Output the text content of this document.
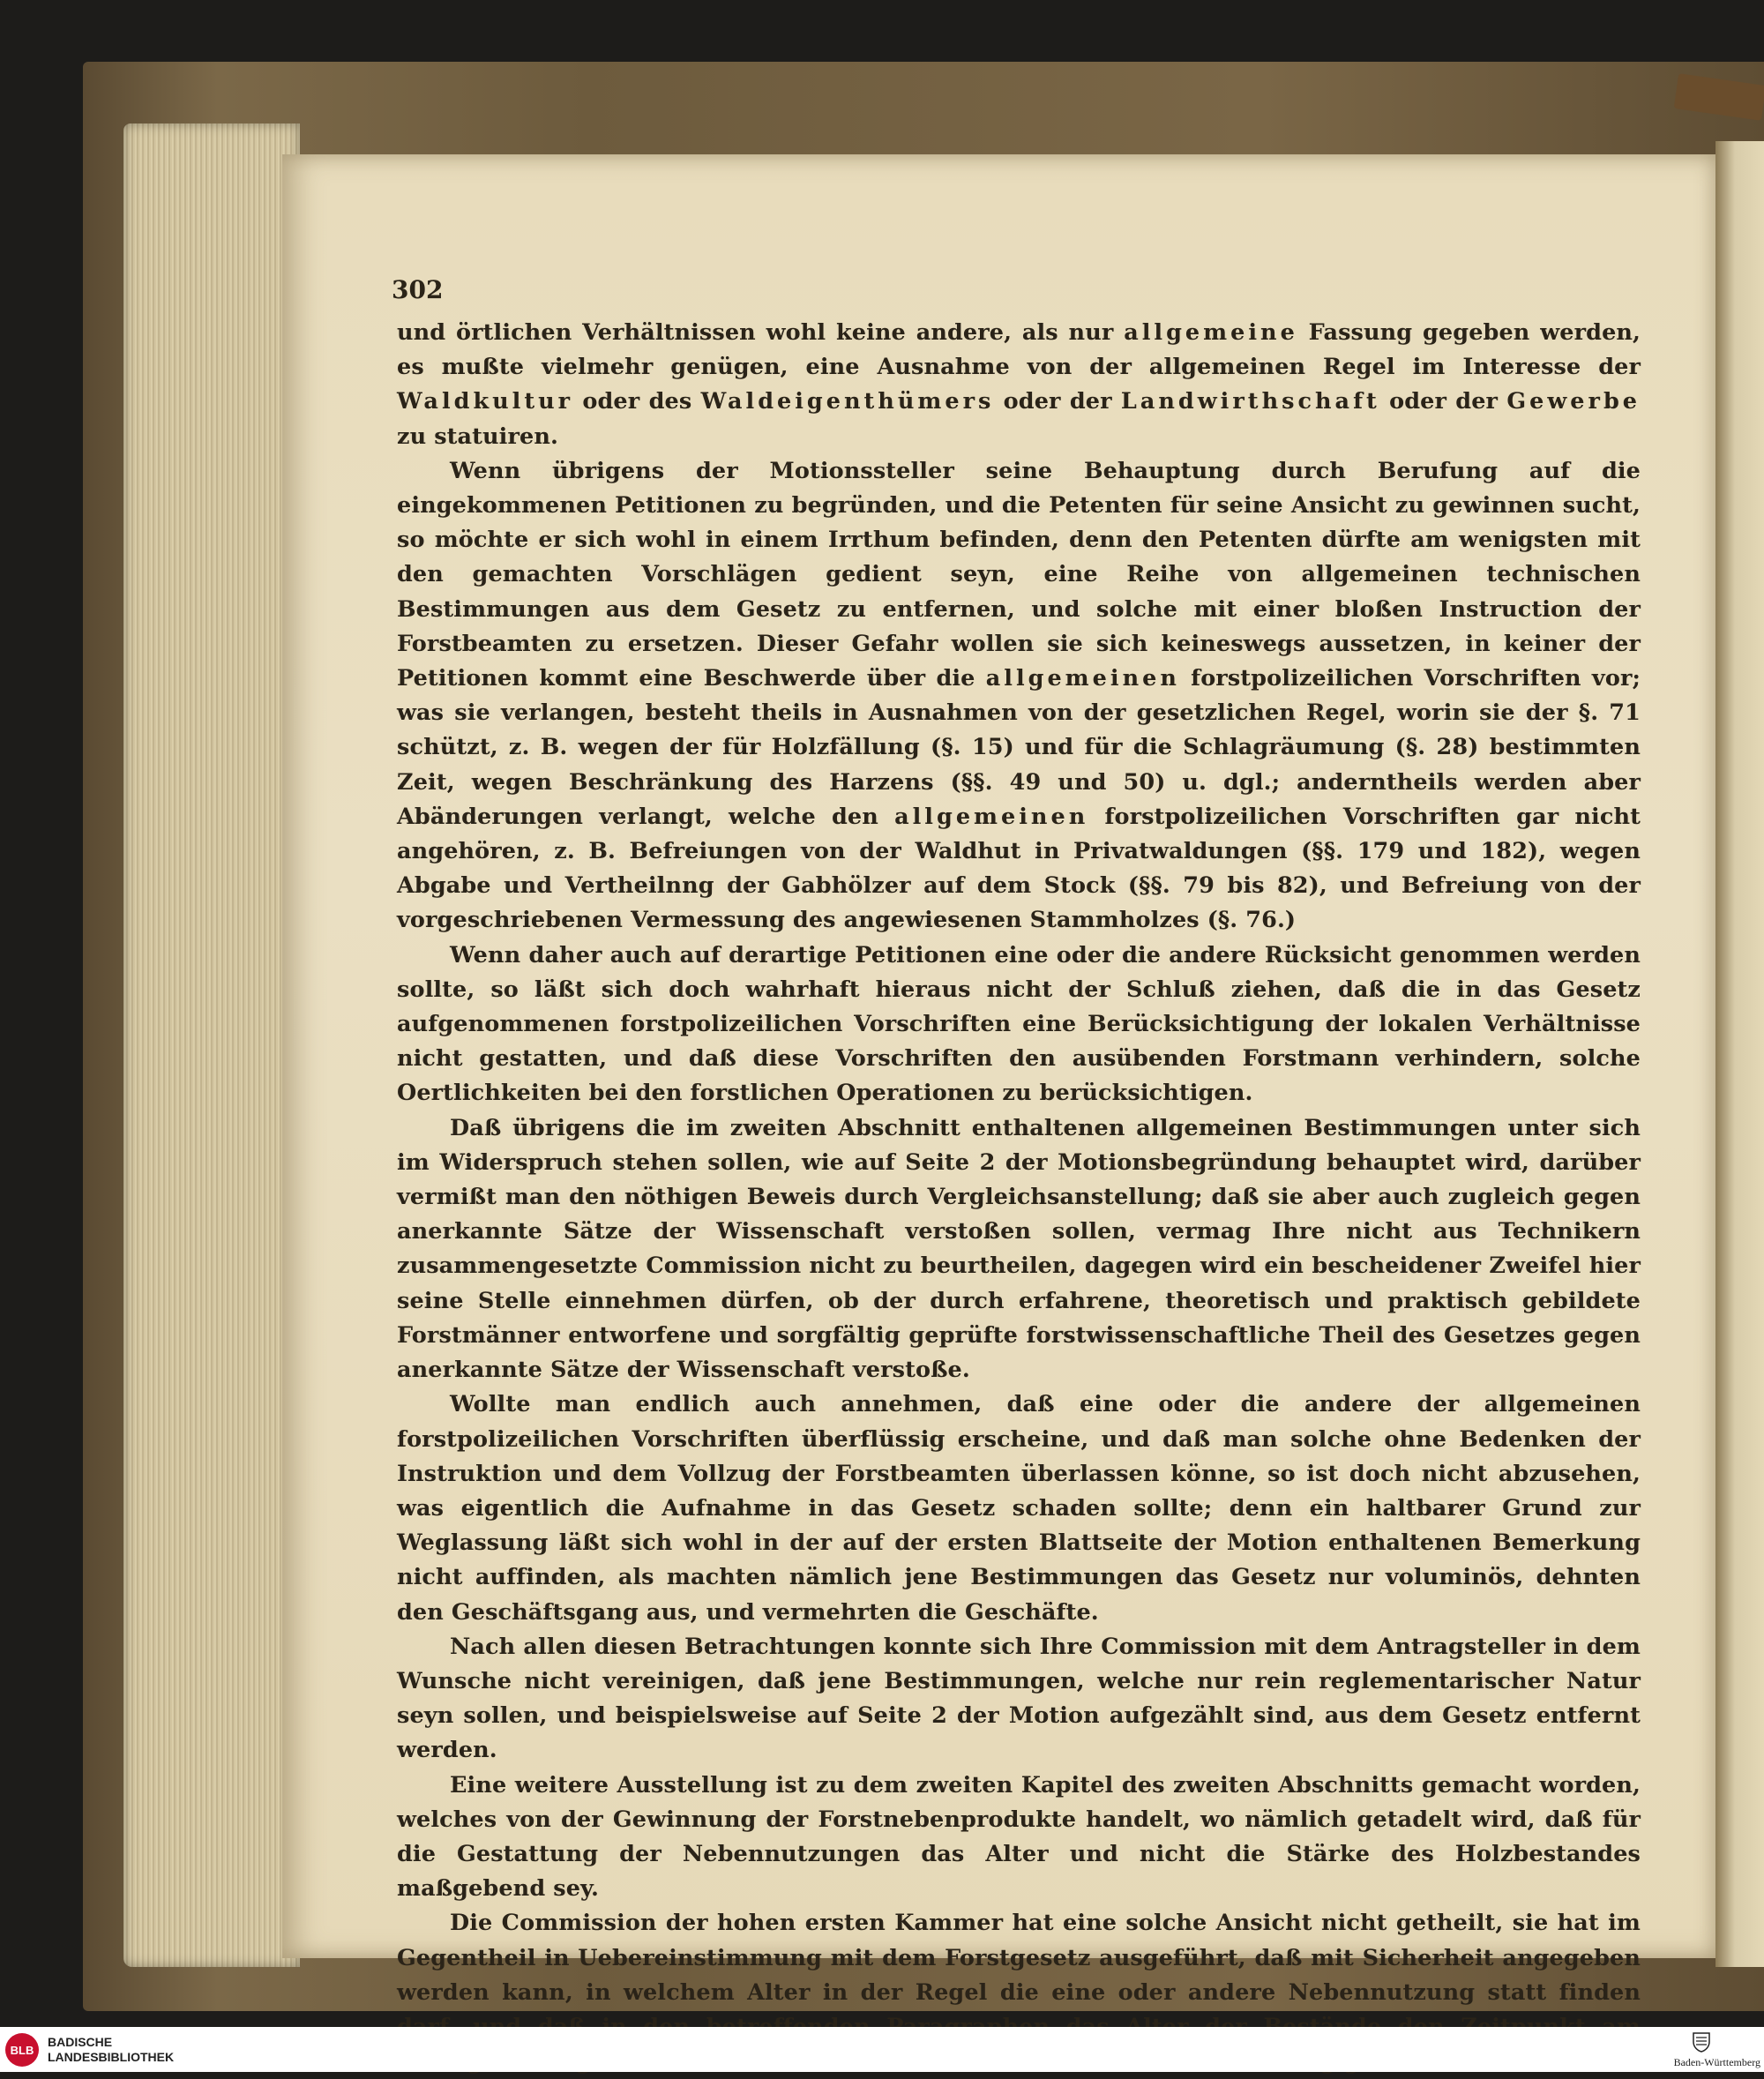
302

und örtlichen Verhältnissen wohl keine andere, als nur allgemeine Fassung gegeben werden, es mußte vielmehr genügen, eine Ausnahme von der allgemeinen Regel im Interesse der Waldkultur oder des Waldeigenthümers oder der Landwirthschaft oder der Gewerbe zu statuiren.

Wenn übrigens der Motionssteller seine Behauptung durch Berufung auf die eingekommenen Petitionen zu begründen, und die Petenten für seine Ansicht zu gewinnen sucht, so möchte er sich wohl in einem Irrthum befinden, denn den Petenten dürfte am wenigsten mit den gemachten Vorschlägen gedient seyn, eine Reihe von allgemeinen technischen Bestimmungen aus dem Gesetz zu entfernen, und solche mit einer bloßen Instruction der Forstbeamten zu ersetzen. Dieser Gefahr wollen sie sich keineswegs aussetzen, in keiner der Petitionen kommt eine Beschwerde über die allgemeinen forstpolizeilichen Vorschriften vor; was sie verlangen, besteht theils in Ausnahmen von der gesetzlichen Regel, worin sie der §. 71 schützt, z. B. wegen der für Holzfällung (§. 15) und für die Schlagräumung (§. 28) bestimmten Zeit, wegen Beschränkung des Harzens (§§. 49 und 50) u. dgl.; anderntheils werden aber Abänderungen verlangt, welche den allgemeinen forstpolizeilichen Vorschriften gar nicht angehören, z. B. Befreiungen von der Waldhut in Privatwaldungen (§§. 179 und 182), wegen Abgabe und Vertheilnng der Gabhölzer auf dem Stock (§§. 79 bis 82), und Befreiung von der vorgeschriebenen Vermessung des angewiesenen Stammholzes (§. 76.)

Wenn daher auch auf derartige Petitionen eine oder die andere Rücksicht genommen werden sollte, so läßt sich doch wahrhaft hieraus nicht der Schluß ziehen, daß die in das Gesetz aufgenommenen forstpolizeilichen Vorschriften eine Berücksichtigung der lokalen Verhältnisse nicht gestatten, und daß diese Vorschriften den ausübenden Forstmann verhindern, solche Oertlichkeiten bei den forstlichen Operationen zu berücksichtigen.

Daß übrigens die im zweiten Abschnitt enthaltenen allgemeinen Bestimmungen unter sich im Widerspruch stehen sollen, wie auf Seite 2 der Motionsbegründung behauptet wird, darüber vermißt man den nöthigen Beweis durch Vergleichsanstellung; daß sie aber auch zugleich gegen anerkannte Sätze der Wissenschaft verstoßen sollen, vermag Ihre nicht aus Technikern zusammengesetzte Commission nicht zu beurtheilen, dagegen wird ein bescheidener Zweifel hier seine Stelle einnehmen dürfen, ob der durch erfahrene, theoretisch und praktisch gebildete Forstmänner entworfene und sorgfältig geprüfte forstwissenschaftliche Theil des Gesetzes gegen anerkannte Sätze der Wissenschaft verstoße.

Wollte man endlich auch annehmen, daß eine oder die andere der allgemeinen forstpolizeilichen Vorschriften überflüssig erscheine, und daß man solche ohne Bedenken der Instruktion und dem Vollzug der Forstbeamten überlassen könne, so ist doch nicht abzusehen, was eigentlich die Aufnahme in das Gesetz schaden sollte; denn ein haltbarer Grund zur Weglassung läßt sich wohl in der auf der ersten Blattseite der Motion enthaltenen Bemerkung nicht auffinden, als machten nämlich jene Bestimmungen das Gesetz nur voluminös, dehnten den Geschäftsgang aus, und vermehrten die Geschäfte.

Nach allen diesen Betrachtungen konnte sich Ihre Commission mit dem Antragsteller in dem Wunsche nicht vereinigen, daß jene Bestimmungen, welche nur rein reglementarischer Natur seyn sollen, und beispielsweise auf Seite 2 der Motion aufgezählt sind, aus dem Gesetz entfernt werden.

Eine weitere Ausstellung ist zu dem zweiten Kapitel des zweiten Abschnitts gemacht worden, welches von der Gewinnung der Forstnebenprodukte handelt, wo nämlich getadelt wird, daß für die Gestattung der Nebennutzungen das Alter und nicht die Stärke des Holzbestandes maßgebend sey.

Die Commission der hohen ersten Kammer hat eine solche Ansicht nicht getheilt, sie hat im Gegentheil in Uebereinstimmung mit dem Forstgesetz ausgeführt, daß mit Sicherheit angegeben werden kann, in welchem Alter in der Regel die eine oder andere Nebennutzung statt finden

BLB
BADISCHE
LANDESBIBLIOTHEK	Baden-Württemberg
